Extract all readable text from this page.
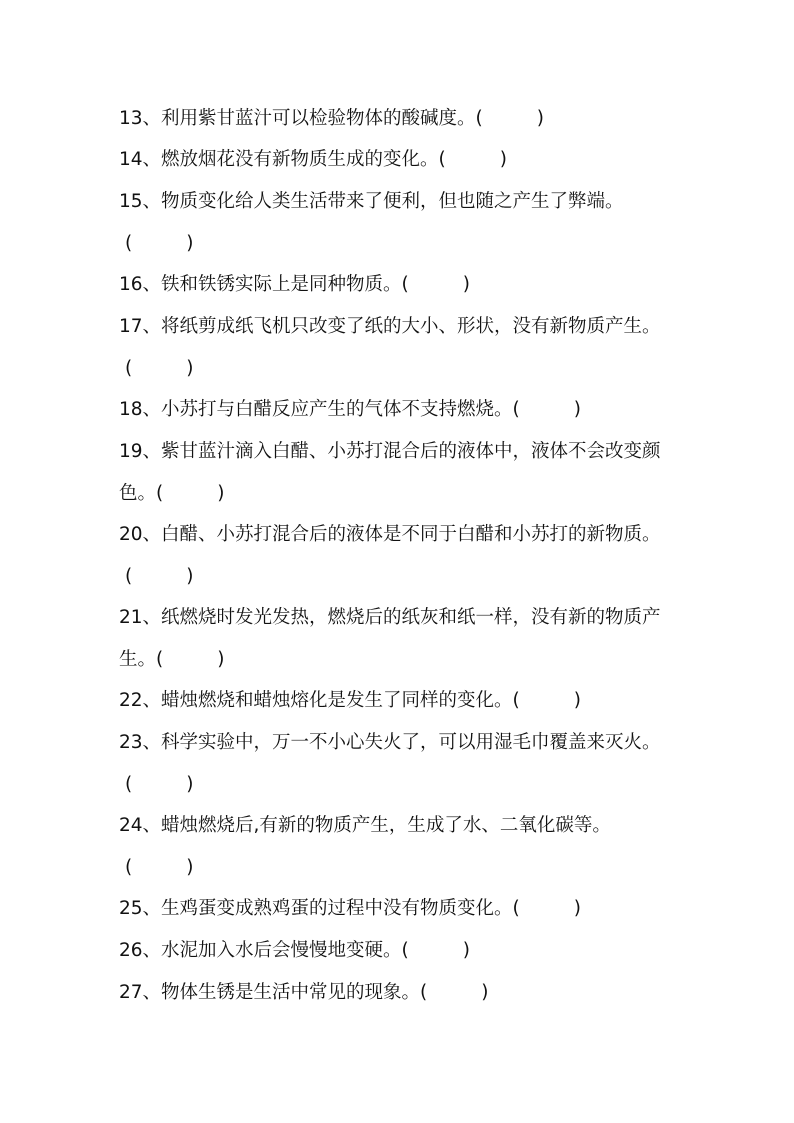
13、利用紫甘蓝汁可以检验物体的酸碱度。(	)
14、燃放烟花没有新物质生成的变化。(	)
15、物质变化给人类生活带来了便利，但也随之产生了弊端。
(	)
16、铁和铁锈实际上是同种物质。(	)
17、将纸剪成纸飞机只改变了纸的大小、形状，没有新物质产生。
(	)
18、小苏打与白醋反应产生的气体不支持燃烧。(	)
19、紫甘蓝汁滴入白醋、小苏打混合后的液体中，液体不会改变颜
色。(	)
20、白醋、小苏打混合后的液体是不同于白醋和小苏打的新物质。
(	)
21、纸燃烧时发光发热，燃烧后的纸灰和纸一样，没有新的物质产
生。(	)
22、蜡烛燃烧和蜡烛熔化是发生了同样的变化。(	)
23、科学实验中，万一不小心失火了，可以用湿毛巾覆盖来灭火。
(	)
24、蜡烛燃烧后,有新的物质产生，生成了水、二氧化碳等。
(	)
25、生鸡蛋变成熟鸡蛋的过程中没有物质变化。(	)
26、水泥加入水后会慢慢地变硬。(	)
27、物体生锈是生活中常见的现象。(	)
